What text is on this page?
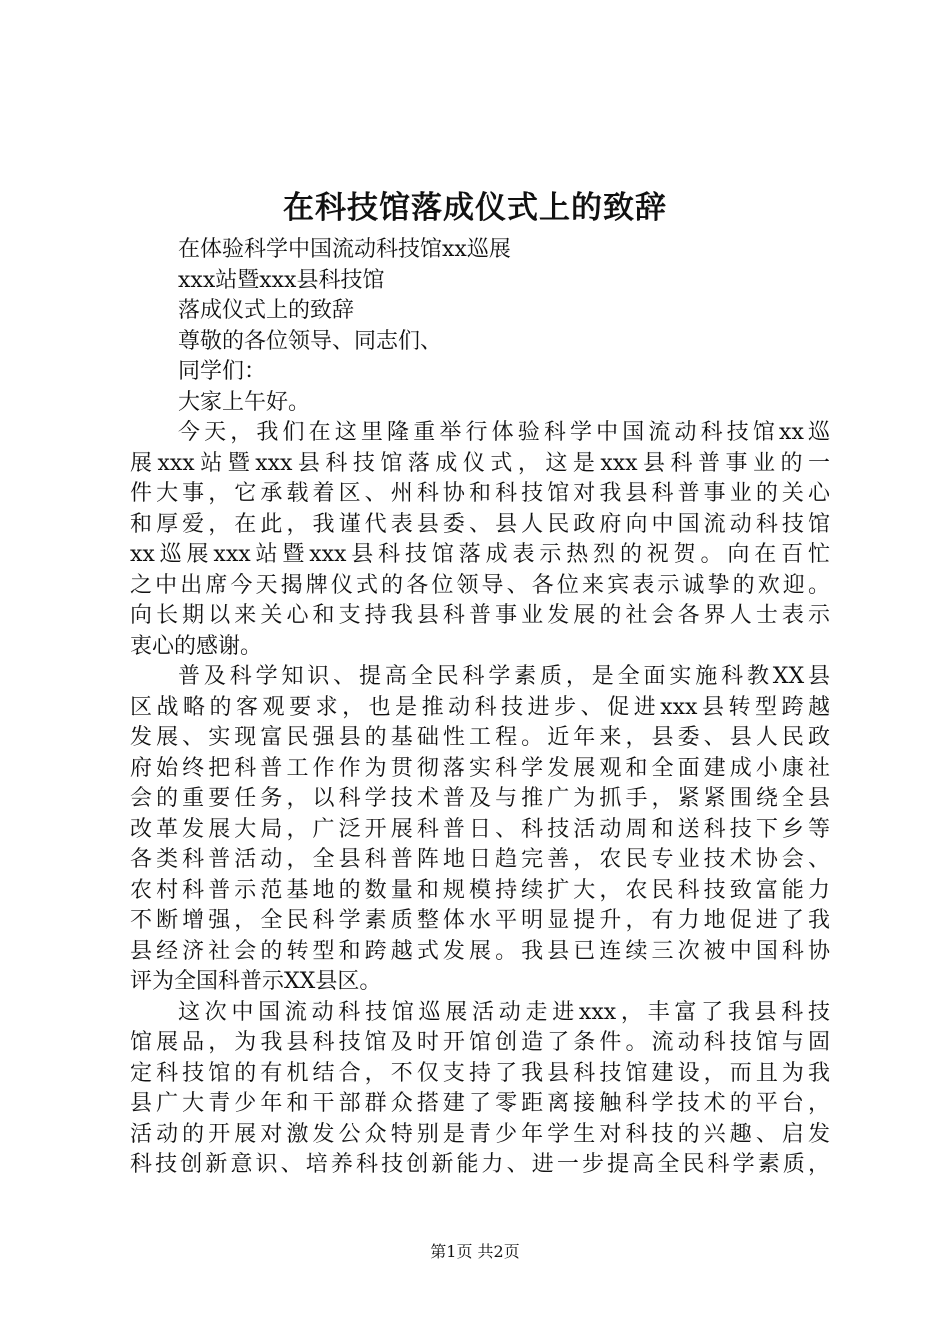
在科技馆落成仪式上的致辞
在体验科学中国流动科技馆xx巡展
xxx站暨xxx县科技馆
落成仪式上的致辞
尊敬的各位领导、同志们、
同学们：
大家上午好。
今天，我们在这里隆重举行体验科学中国流动科技馆xx巡
展xxx站暨xxx县科技馆落成仪式，这是xxx县科普事业的一
件大事，它承载着区、州科协和科技馆对我县科普事业的关心
和厚爱，在此，我谨代表县委、县人民政府向中国流动科技馆
xx巡展xxx站暨xxx县科技馆落成表示热烈的祝贺。向在百忙
之中出席今天揭牌仪式的各位领导、各位来宾表示诚挚的欢迎。
向长期以来关心和支持我县科普事业发展的社会各界人士表示
衷心的感谢。
普及科学知识、提高全民科学素质，是全面实施科教XX县
区战略的客观要求，也是推动科技进步、促进xxx县转型跨越
发展、实现富民强县的基础性工程。近年来，县委、县人民政
府始终把科普工作作为贯彻落实科学发展观和全面建成小康社
会的重要任务，以科学技术普及与推广为抓手，紧紧围绕全县
改革发展大局，广泛开展科普日、科技活动周和送科技下乡等
各类科普活动，全县科普阵地日趋完善，农民专业技术协会、
农村科普示范基地的数量和规模持续扩大，农民科技致富能力
不断增强，全民科学素质整体水平明显提升，有力地促进了我
县经济社会的转型和跨越式发展。我县已连续三次被中国科协
评为全国科普示XX县区。
这次中国流动科技馆巡展活动走进xxx，丰富了我县科技
馆展品，为我县科技馆及时开馆创造了条件。流动科技馆与固
定科技馆的有机结合，不仅支持了我县科技馆建设，而且为我
县广大青少年和干部群众搭建了零距离接触科学技术的平台，
活动的开展对激发公众特别是青少年学生对科技的兴趣、启发
科技创新意识、培养科技创新能力、进一步提高全民科学素质，
第1页 共2页
